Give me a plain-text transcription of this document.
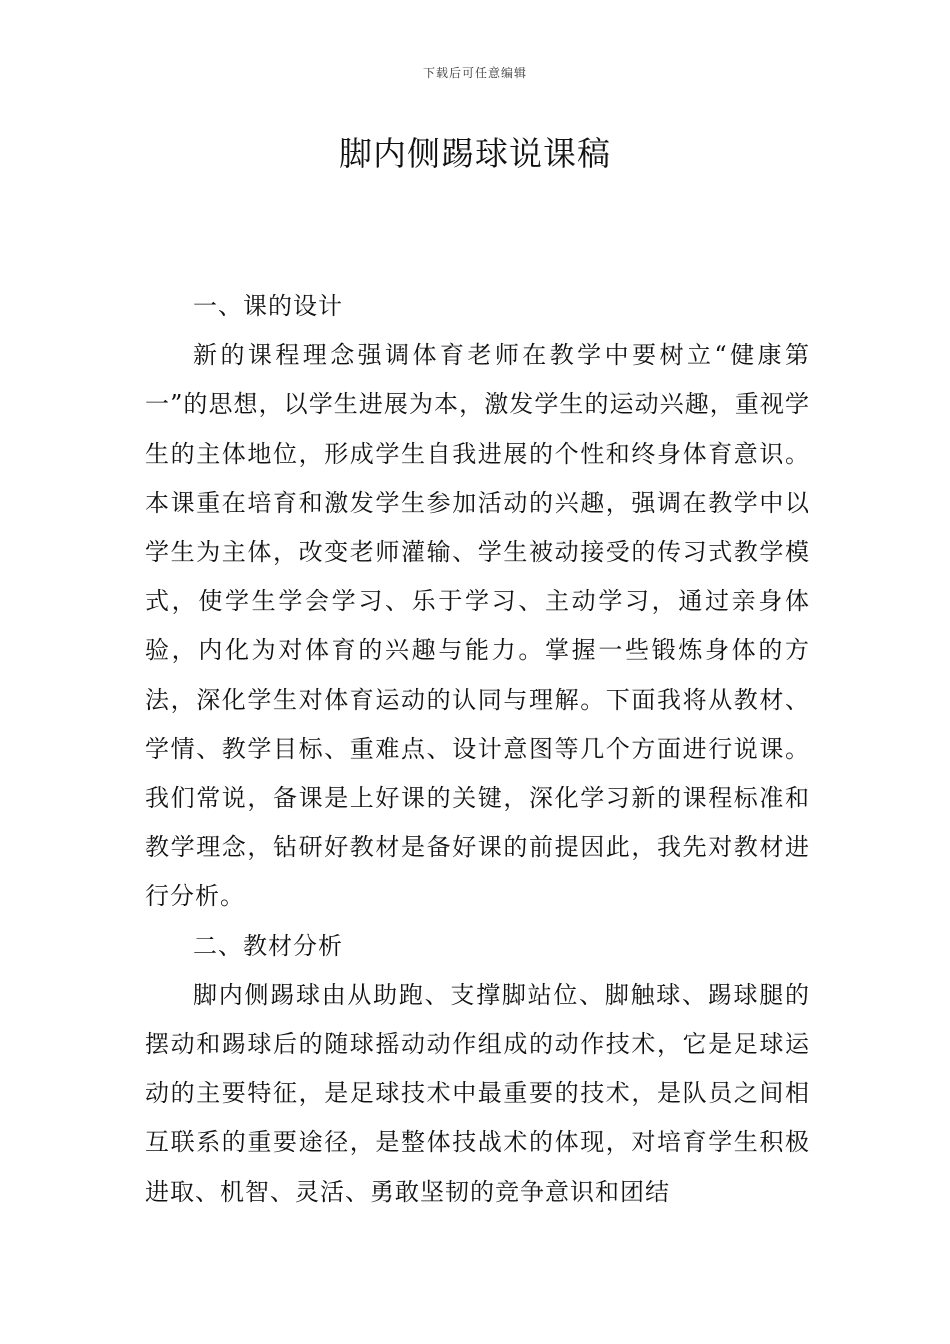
下载后可任意编辑
脚内侧踢球说课稿

一、课的设计

新的课程理念强调体育老师在教学中要树立“健康第一”的思想，以学生进展为本，激发学生的运动兴趣，重视学生的主体地位，形成学生自我进展的个性和终身体育意识。本课重在培育和激发学生参加活动的兴趣，强调在教学中以学生为主体，改变老师灌输、学生被动接受的传习式教学模式，使学生学会学习、乐于学习、主动学习，通过亲身体验，内化为对体育的兴趣与能力。掌握一些锻炼身体的方法，深化学生对体育运动的认同与理解。下面我将从教材、学情、教学目标、重难点、设计意图等几个方面进行说课。我们常说，备课是上好课的关键，深化学习新的课程标准和教学理念，钻研好教材是备好课的前提因此，我先对教材进行分析。

二、教材分析

脚内侧踢球由从助跑、支撑脚站位、脚触球、踢球腿的摆动和踢球后的随球摇动动作组成的动作技术，它是足球运动的主要特征，是足球技术中最重要的技术，是队员之间相互联系的重要途径，是整体技战术的体现，对培育学生积极进取、机智、灵活、勇敢坚韧的竞争意识和团结
